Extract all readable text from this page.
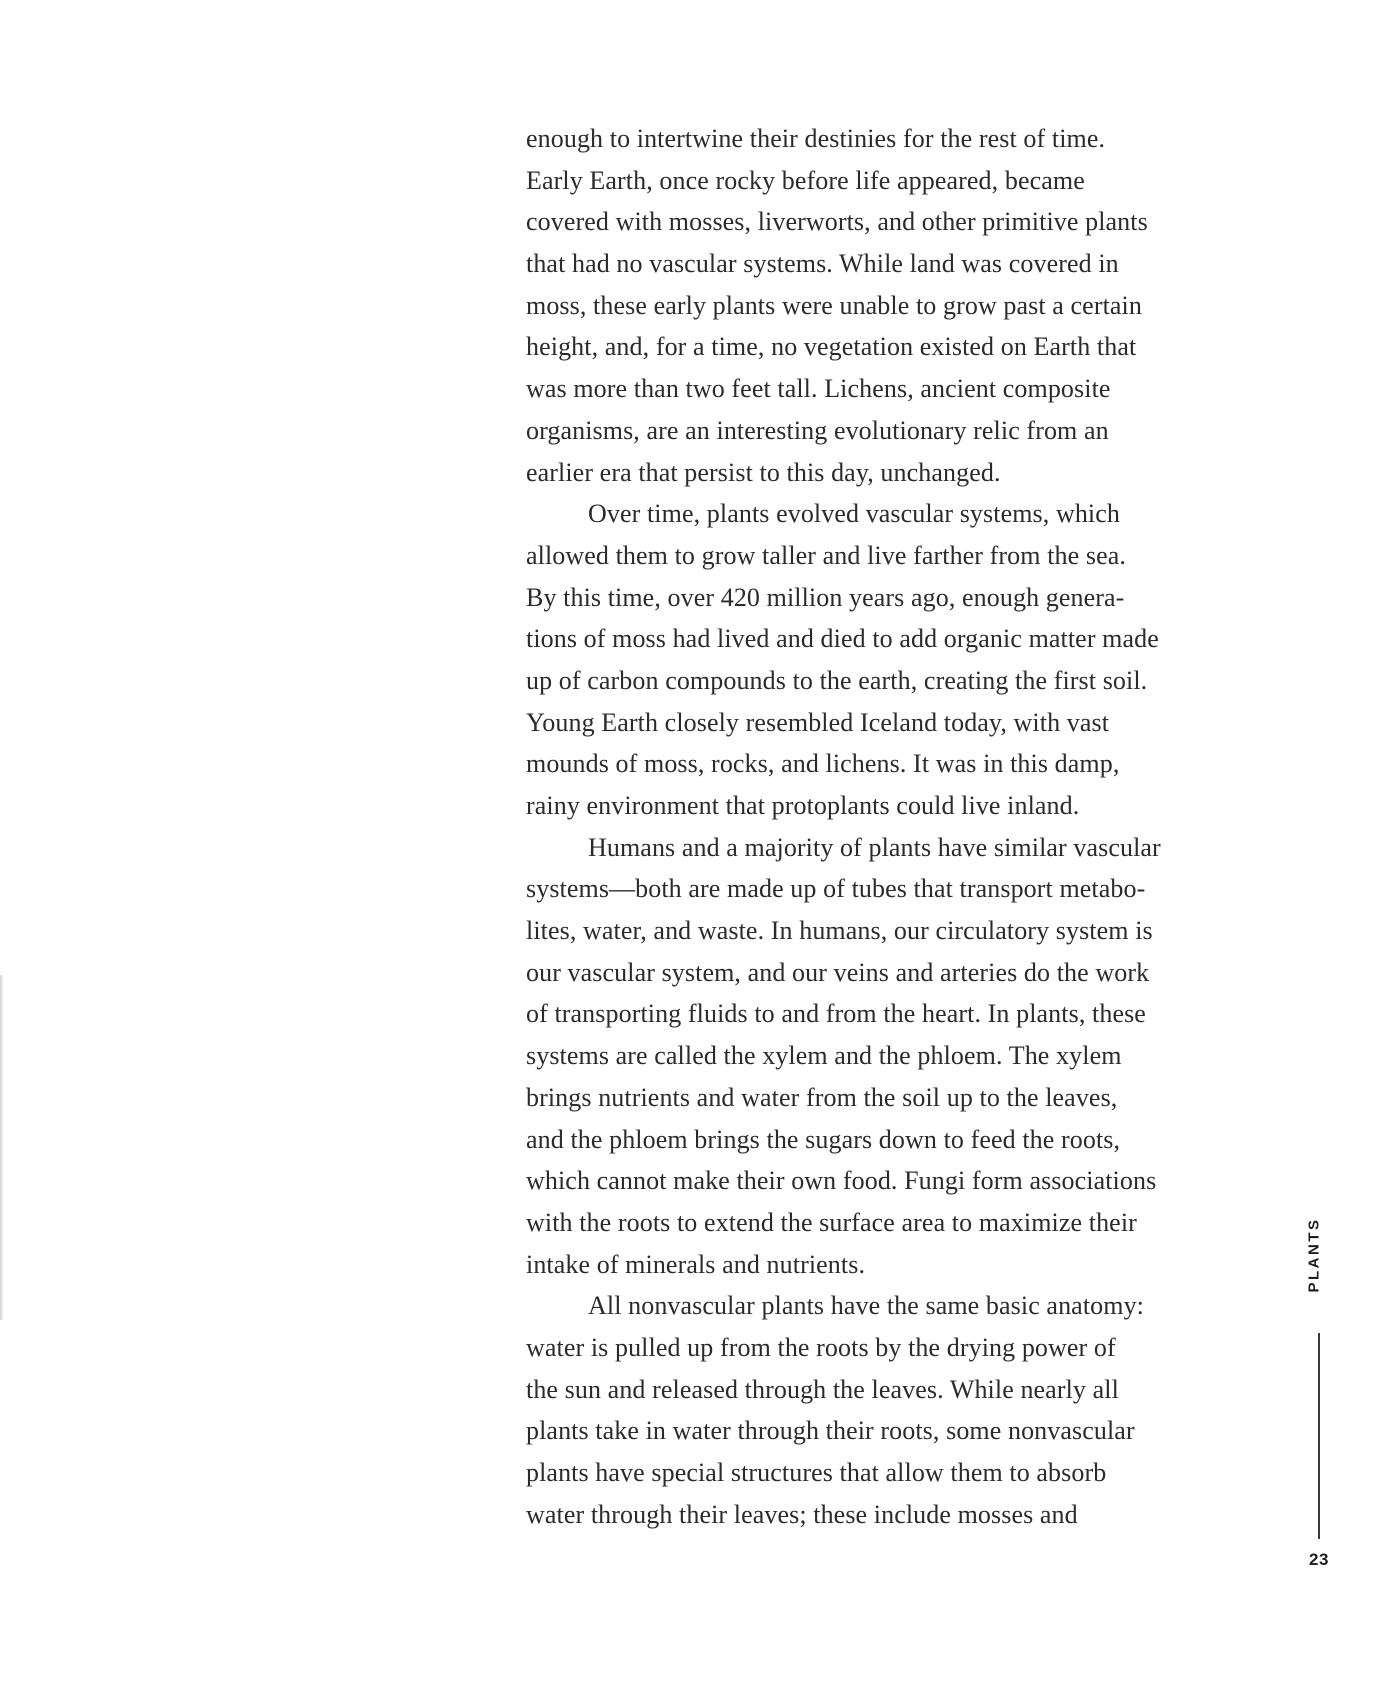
enough to intertwine their destinies for the rest of time.
Early Earth, once rocky before life appeared, became
covered with mosses, liverworts, and other primitive plants
that had no vascular systems. While land was covered in
moss, these early plants were unable to grow past a certain
height, and, for a time, no vegetation existed on Earth that
was more than two feet tall. Lichens, ancient composite
organisms, are an interesting evolutionary relic from an
earlier era that persist to this day, unchanged.
Over time, plants evolved vascular systems, which
allowed them to grow taller and live farther from the sea.
By this time, over 420 million years ago, enough genera-
tions of moss had lived and died to add organic matter made
up of carbon compounds to the earth, creating the first soil.
Young Earth closely resembled Iceland today, with vast
mounds of moss, rocks, and lichens. It was in this damp,
rainy environment that protoplants could live inland.
Humans and a majority of plants have similar vascular
systems—both are made up of tubes that transport metabo-
lites, water, and waste. In humans, our circulatory system is
our vascular system, and our veins and arteries do the work
of transporting fluids to and from the heart. In plants, these
systems are called the xylem and the phloem. The xylem
brings nutrients and water from the soil up to the leaves,
and the phloem brings the sugars down to feed the roots,
which cannot make their own food. Fungi form associations
with the roots to extend the surface area to maximize their
intake of minerals and nutrients.
All nonvascular plants have the same basic anatomy:
water is pulled up from the roots by the drying power of
the sun and released through the leaves. While nearly all
plants take in water through their roots, some nonvascular
plants have special structures that allow them to absorb
water through their leaves; these include mosses and
PLANTS
23
